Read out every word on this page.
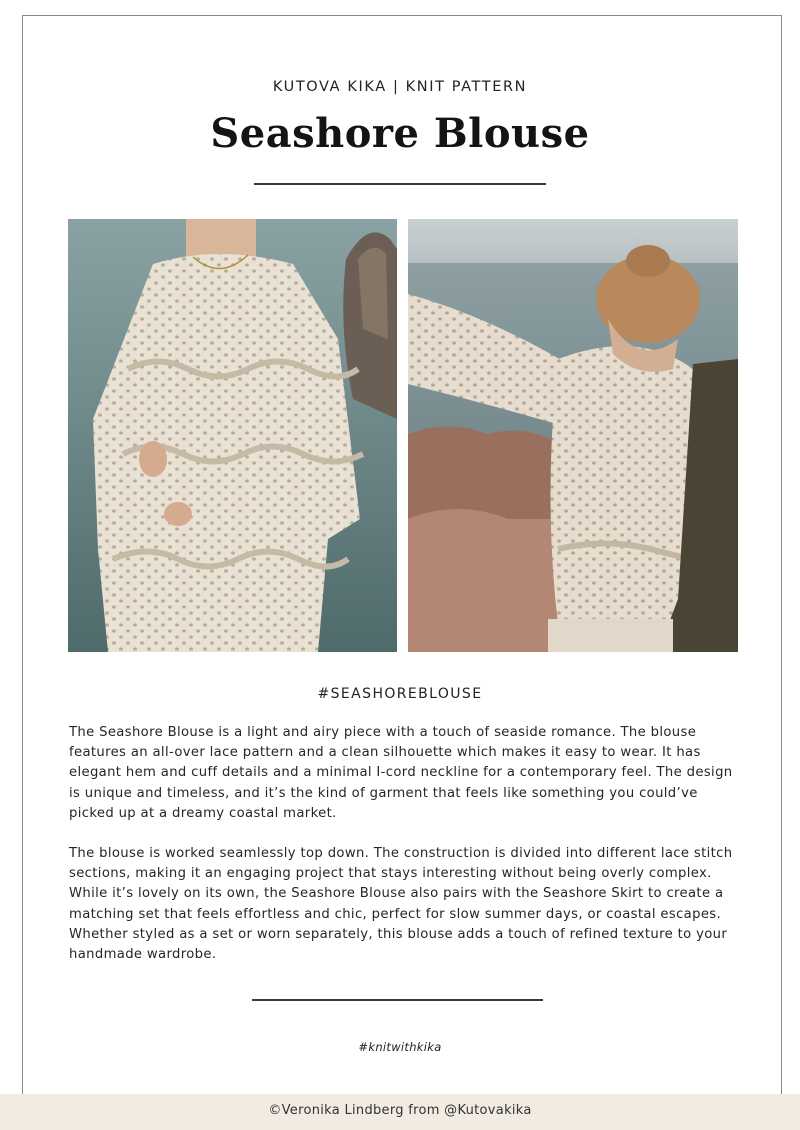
KUTOVA KIKA | KNIT PATTERN
Seashore Blouse
#SEASHOREBLOUSE

The Seashore Blouse is a light and airy piece with a touch of seaside romance. The blouse features an all-over lace pattern and a clean silhouette which makes it easy to wear. It has elegant hem and cuff details and a minimal I-cord neckline for a contemporary feel. The design is unique and timeless, and it’s the kind of garment that feels like something you could’ve picked up at a dreamy coastal market.

The blouse is worked seamlessly top down. The construction is divided into different lace stitch sections, making it an engaging project that stays interesting without being overly complex. While it’s lovely on its own, the Seashore Blouse also pairs with the Seashore Skirt to create a matching set that feels effortless and chic, perfect for slow summer days, or coastal escapes. Whether styled as a set or worn separately, this blouse adds a touch of refined texture to your handmade wardrobe.

#knitwithkika
©Veronika Lindberg from @Kutovakika
